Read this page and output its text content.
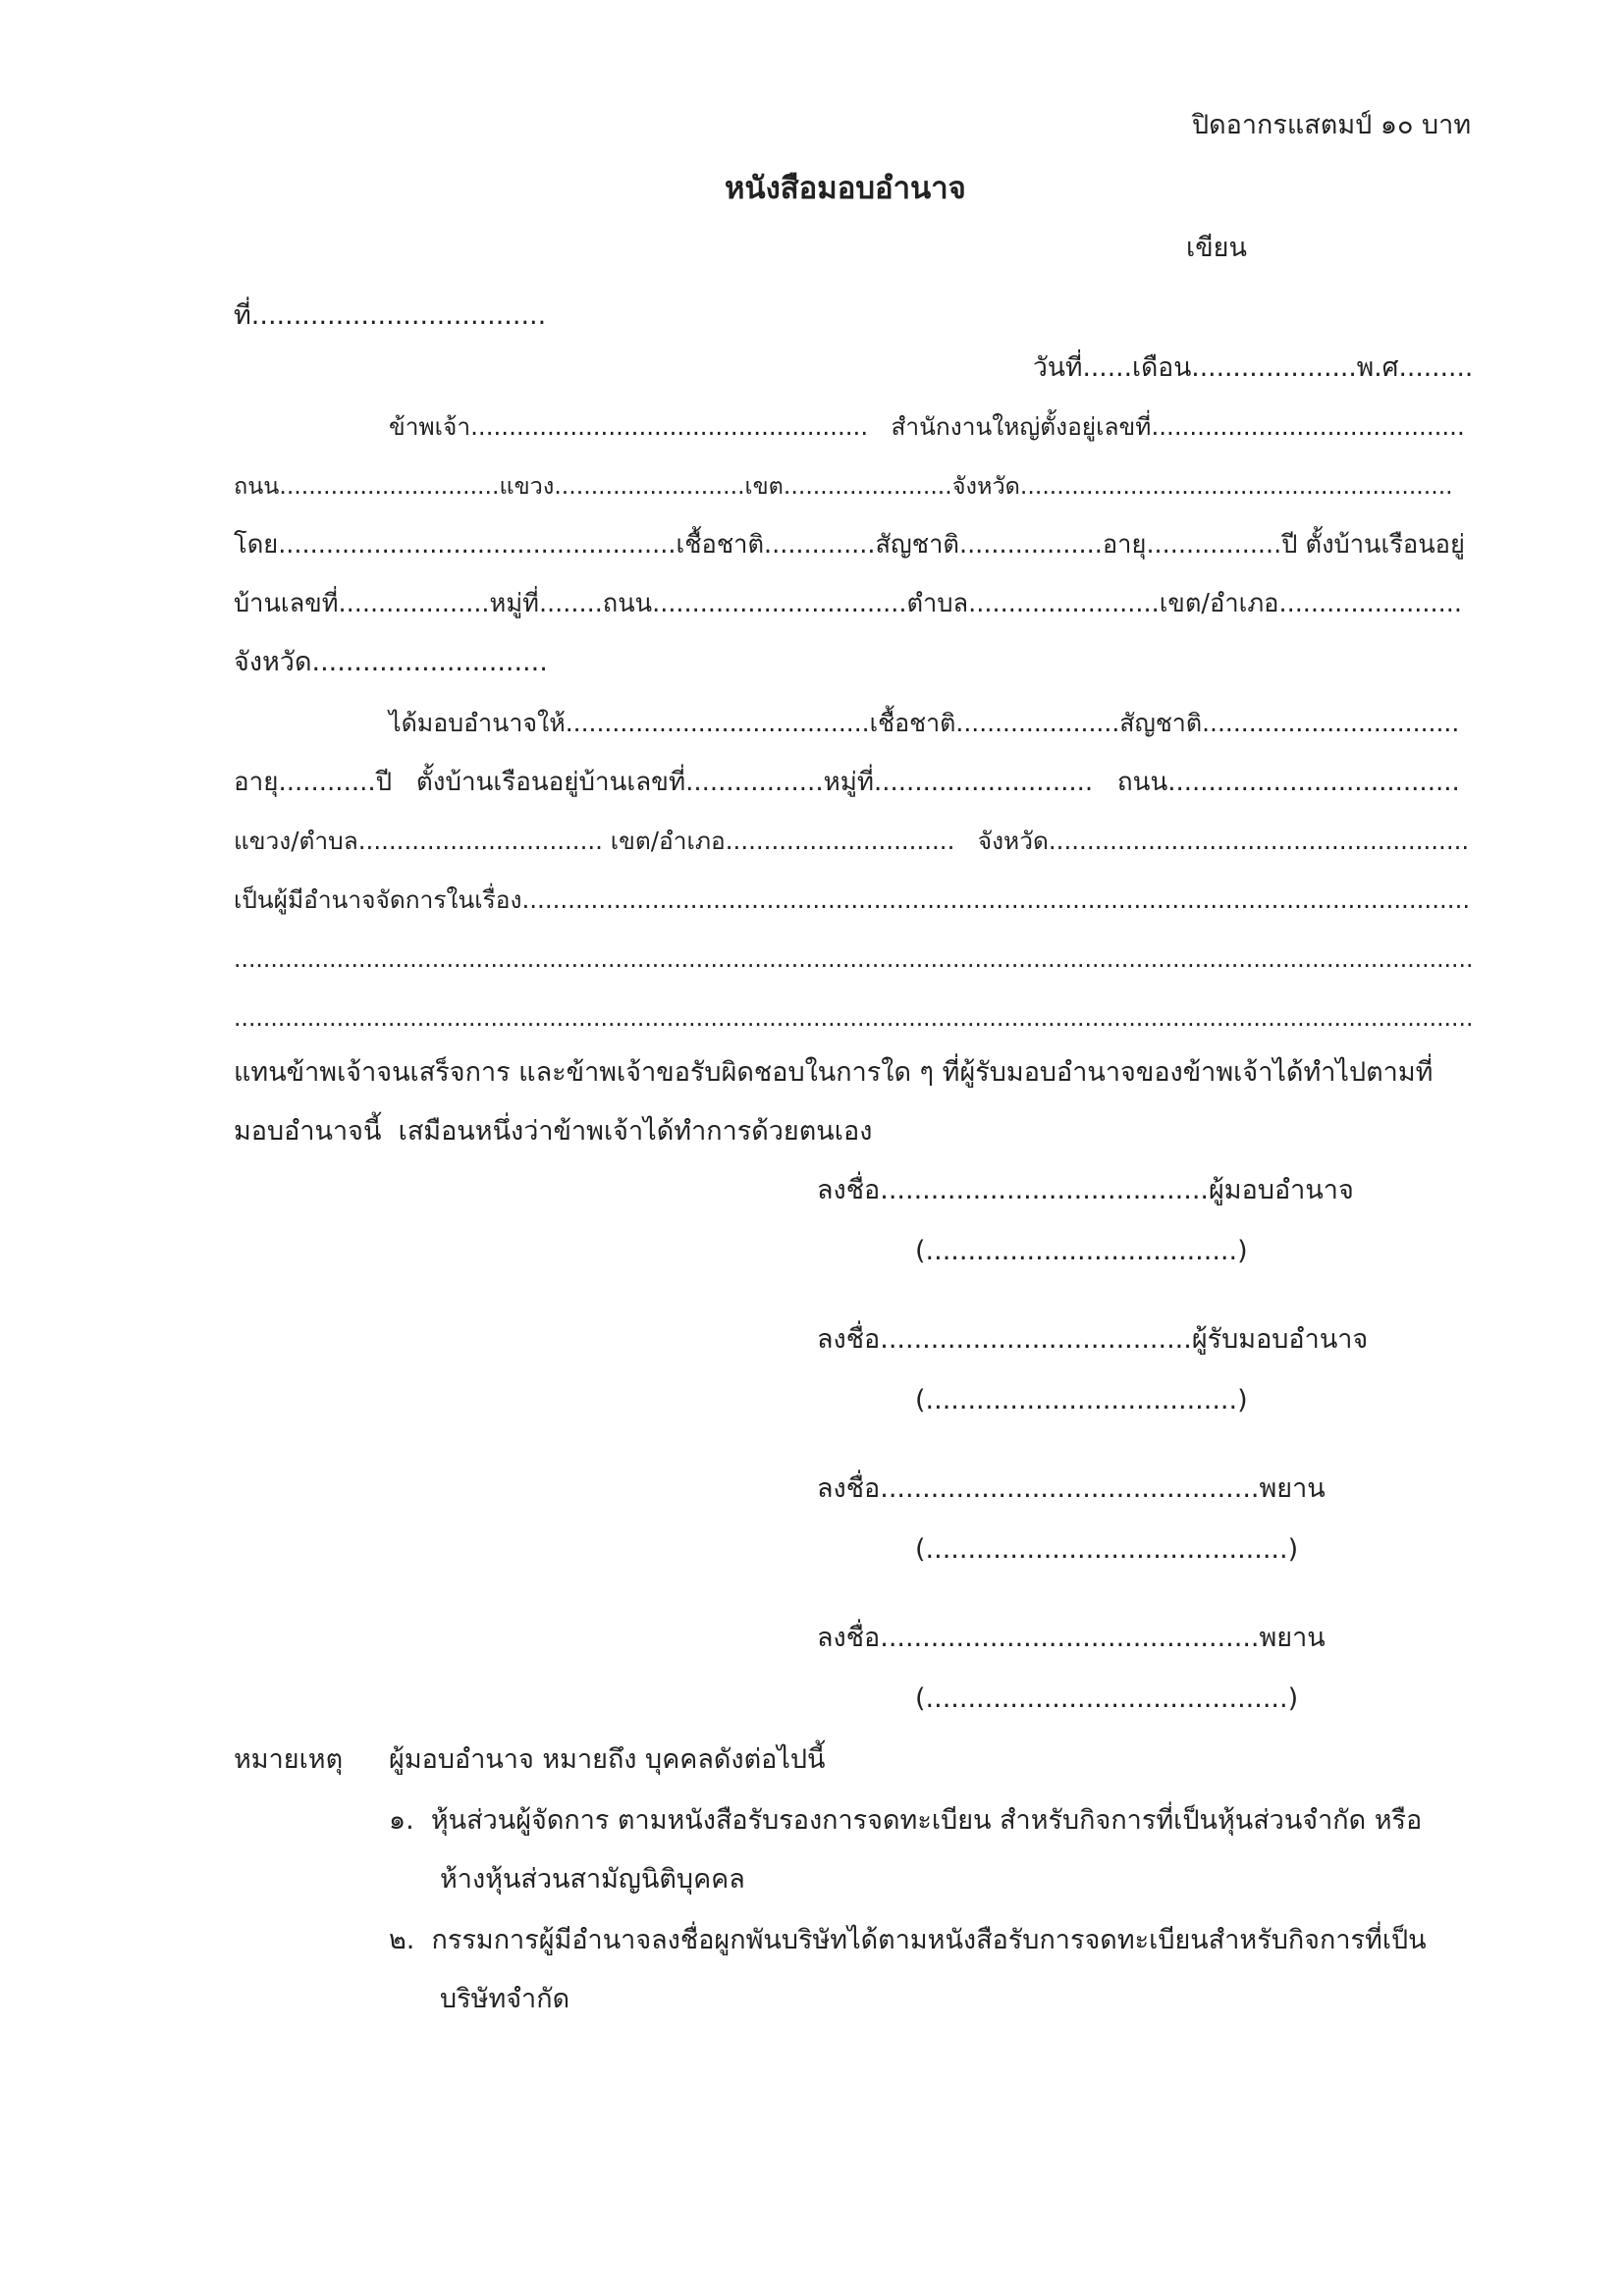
ปิดอากรแสตมป์ ๑๐ บาท

หนังสือมอบอำนาจ

เขียน

ที่...................................

วันที่......เดือน....................พ.ศ.........

ข้าพเจ้า....................................................   สำนักงานใหญ่ตั้งอยู่เลขที่.........................................

ถนน..............................แขวง..........................เขต.......................จังหวัด...........................................................

โดย..................................................เชื้อชาติ..............สัญชาติ..................อายุ.................ปี ตั้งบ้านเรือนอยู่

บ้านเลขที่...................หมู่ที่........ถนน................................ตำบล........................เขต/อำเภอ.......................

จังหวัด............................

ได้มอบอำนาจให้.......................................เชื้อชาติ.....................สัญชาติ.................................

อายุ............ปี   ตั้งบ้านเรือนอยู่บ้านเลขที่.................หมู่ที่...........................   ถนน....................................

แขวง/ตำบล................................ เขต/อำเภอ..............................   จังหวัด.......................................................

เป็นผู้มีอำนาจจัดการในเรื่อง............................................................................................................................

.........................................................................................................................................................................

.........................................................................................................................................................................

แทนข้าพเจ้าจนเสร็จการ และข้าพเจ้าขอรับผิดชอบในการใด ๆ ที่ผู้รับมอบอำนาจของข้าพเจ้าได้ทำไปตามที่

มอบอำนาจนี้  เสมือนหนึ่งว่าข้าพเจ้าได้ทำการด้วยตนเอง

ลงชื่อ.......................................ผู้มอบอำนาจ

(.....................................)

ลงชื่อ.....................................ผู้รับมอบอำนาจ

(.....................................)

ลงชื่อ.............................................พยาน

(...........................................)

ลงชื่อ.............................................พยาน

(...........................................)

หมายเหตุ ผู้มอบอำนาจ หมายถึง บุคคลดังต่อไปนี้

๑.  หุ้นส่วนผู้จัดการ ตามหนังสือรับรองการจดทะเบียน สำหรับกิจการที่เป็นหุ้นส่วนจำกัด หรือ

ห้างหุ้นส่วนสามัญนิติบุคคล

๒.  กรรมการผู้มีอำนาจลงชื่อผูกพันบริษัทได้ตามหนังสือรับการจดทะเบียนสำหรับกิจการที่เป็น

บริษัทจำกัด
